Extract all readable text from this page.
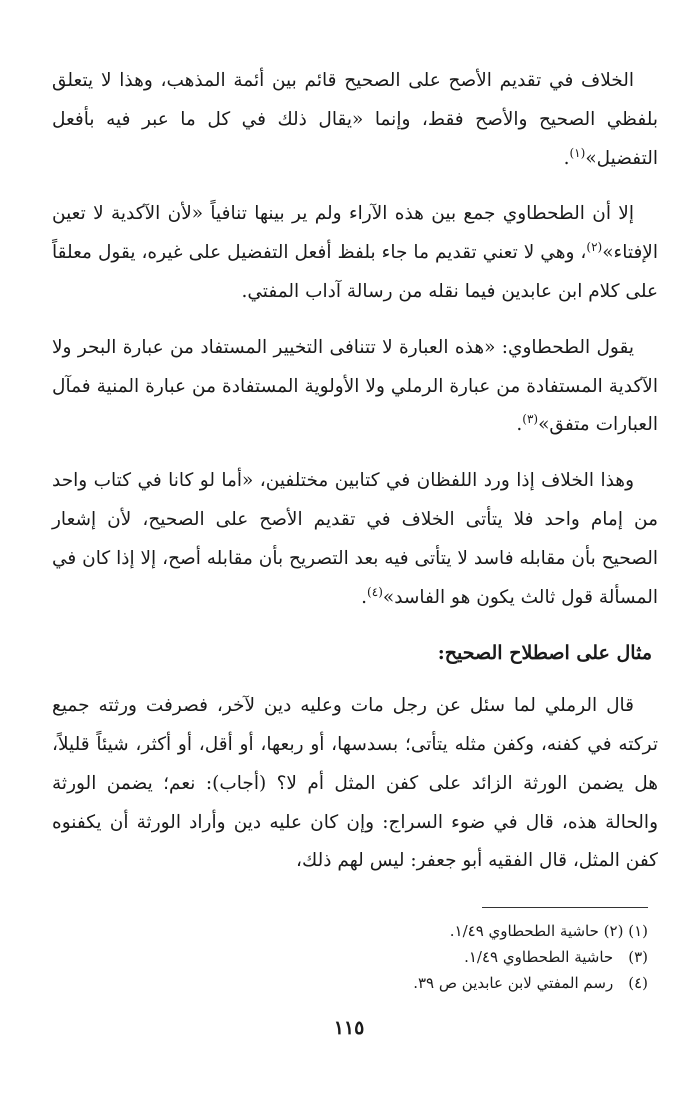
الخلاف في تقديم الأصح على الصحيح قائم بين أئمة المذهب، وهذا لا يتعلق بلفظي الصحيح والأصح فقط، وإنما «يقال ذلك في كل ما عبر فيه بأفعل التفضيل»$^{(١)}$.

إلا أن الطحطاوي جمع بين هذه الآراء ولم ير بينها تنافياً «لأن الآكدية لا تعين الإفتاء»$^{(٢)}$، وهي لا تعني تقديم ما جاء بلفظ أفعل التفضيل على غيره، يقول معلقاً على كلام ابن عابدين فيما نقله من رسالة آداب المفتي.

يقول الطحطاوي: «هذه العبارة لا تتنافى التخيير المستفاد من عبارة البحر ولا الآكدية المستفادة من عبارة الرملي ولا الأولوية المستفادة من عبارة المنية فمآل العبارات متفق»$^{(٣)}$.

وهذا الخلاف إذا ورد اللفظان في كتابين مختلفين، «أما لو كانا في كتاب واحد من إمام واحد فلا يتأتى الخلاف في تقديم الأصح على الصحيح، لأن إشعار الصحيح بأن مقابله فاسد لا يتأتى فيه بعد التصريح بأن مقابله أصح، إلا إذا كان في المسألة قول ثالث يكون هو الفاسد»$^{(٤)}$.

مثال على اصطلاح الصحيح:

قال الرملي لما سئل عن رجل مات وعليه دين لآخر، فصرفت ورثته جميع تركته في كفنه، وكفن مثله يتأتى؛ بسدسها، أو ربعها، أو أقل، أو أكثر، شيئاً قليلاً، هل يضمن الورثة الزائد على كفن المثل أم لا؟ (أجاب): نعم؛ يضمن الورثة والحالة هذه، قال في ضوء السراج: وإن كان عليه دين وأراد الورثة أن يكفنوه كفن المثل، قال الفقيه أبو جعفر: ليس لهم ذلك،

(١) (٢) حاشية الطحطاوي ١/٤٩.

(٣) حاشية الطحطاوي ١/٤٩.

(٤) رسم المفتي لابن عابدين ص ٣٩.

١١٥
